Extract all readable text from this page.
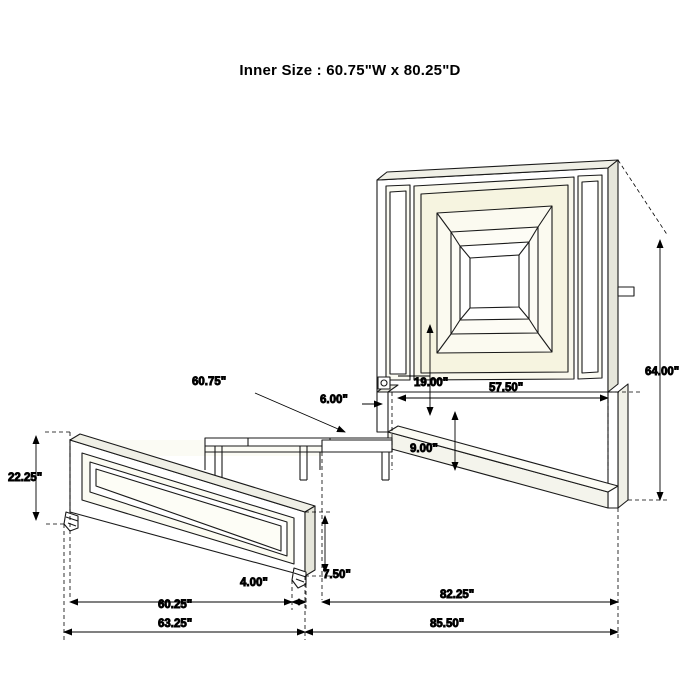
Inner Size : 60.75"W x 80.25"D
64.00"
19.00"
9.00"
57.50"
60.75"
6.00"
22.25"
7.50"
4.00"
60.25"
82.25"
63.25"	85.50"
